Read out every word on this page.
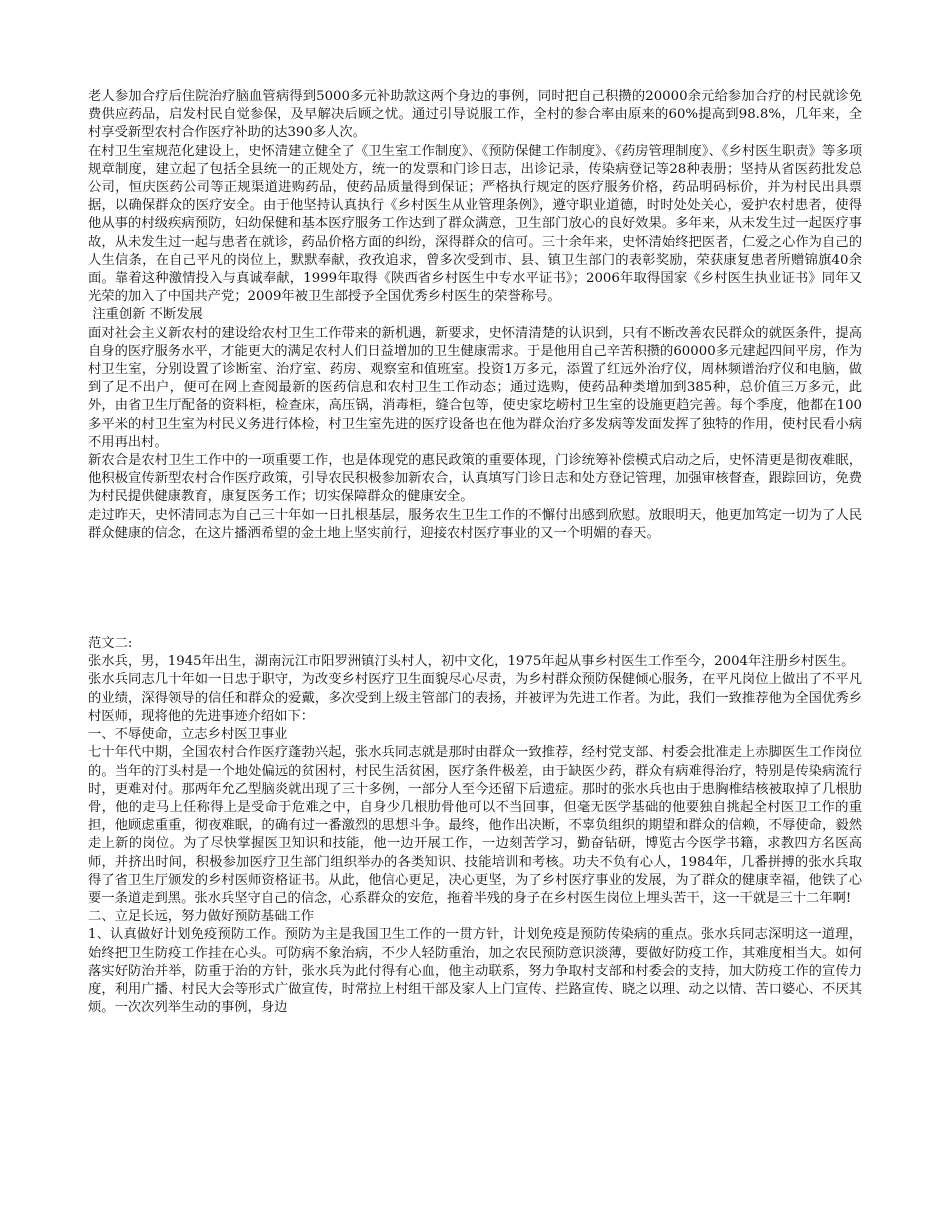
老人参加合疗后住院治疗脑血管病得到5000多元补助款这两个身边的事例，同时把自己积攒的20000余元给参加合疗的村民就诊免费供应药品，启发村民自觉参保，及早解决后顾之忧。通过引导说服工作，全村的参合率由原来的60%提高到98.8%，几年来，全村享受新型农村合作医疗补助的达390多人次。

在村卫生室规范化建设上，史怀清建立健全了《卫生室工作制度》、《预防保健工作制度》、《药房管理制度》、《乡村医生职责》等多项规章制度，建立起了包括全县统一的正规处方，统一的发票和门诊日志，出诊记录，传染病登记等28种表册；坚持从省医药批发总公司，恒庆医药公司等正规渠道进购药品，使药品质量得到保证；严格执行规定的医疗服务价格，药品明码标价，并为村民出具票据，以确保群众的医疗安全。由于他坚持认真执行《乡村医生从业管理条例》，遵守职业道德，时时处处关心，爱护农村患者，使得他从事的村级疾病预防，妇幼保健和基本医疗服务工作达到了群众满意，卫生部门放心的良好效果。多年来，从未发生过一起医疗事故，从未发生过一起与患者在就诊，药品价格方面的纠纷，深得群众的信可。三十余年来，史怀清始终把医者，仁爱之心作为自己的人生信条，在自己平凡的岗位上，默默奉献，孜孜追求，曾多次受到市、县、镇卫生部门的表彰奖励，荣获康复患者所赠锦旗40余面。靠着这种激情投入与真诚奉献，1999年取得《陕西省乡村医生中专水平证书》；2006年取得国家《乡村医生执业证书》同年又光荣的加入了中国共产党；2009年被卫生部授予全国优秀乡村医生的荣誉称号。

注重创新 不断发展

面对社会主义新农村的建设给农村卫生工作带来的新机遇，新要求，史怀清清楚的认识到，只有不断改善农民群众的就医条件，提高自身的医疗服务水平，才能更大的满足农村人们日益增加的卫生健康需求。于是他用自己辛苦积攒的60000多元建起四间平房，作为村卫生室，分别设置了诊断室、治疗室、药房、观察室和值班室。投资1万多元，添置了红远外治疗仪，周林频谱治疗仪和电脑，做到了足不出户，便可在网上查阅最新的医药信息和农村卫生工作动态；通过选购，使药品种类增加到385种，总价值三万多元，此外，由省卫生厅配备的资料柜，检查床，高压锅，消毒柜，缝合包等，使史家圪崂村卫生室的设施更趋完善。每个季度，他都在100多平米的村卫生室为村民义务进行体检，村卫生室先进的医疗设备也在他为群众治疗多发病等发面发挥了独特的作用，使村民看小病不用再出村。

新农合是农村卫生工作中的一项重要工作，也是体现党的惠民政策的重要体现，门诊统筹补偿模式启动之后，史怀清更是彻夜难眠，他积极宣传新型农村合作医疗政策，引导农民积极参加新农合，认真填写门诊日志和处方登记管理，加强审核督查，跟踪回访，免费为村民提供健康教育，康复医务工作；切实保障群众的健康安全。

走过昨天，史怀清同志为自己三十年如一日扎根基层，服务农生卫生工作的不懈付出感到欣慰。放眼明天，他更加笃定一切为了人民群众健康的信念，在这片播洒希望的金土地上坚实前行，迎接农村医疗事业的又一个明媚的春天。

范文二:

张水兵，男，1945年出生，湖南沅江市阳罗洲镇汀头村人，初中文化，1975年起从事乡村医生工作至今，2004年注册乡村医生。

张水兵同志几十年如一日忠于职守，为改变乡村医疗卫生面貌尽心尽责，为乡村群众预防保健倾心服务，在平凡岗位上做出了不平凡的业绩，深得领导的信任和群众的爱戴，多次受到上级主管部门的表扬，并被评为先进工作者。为此，我们一致推荐他为全国优秀乡村医师，现将他的先进事迹介绍如下：

一、不辱使命，立志乡村医卫事业

七十年代中期，全国农村合作医疗蓬勃兴起，张水兵同志就是那时由群众一致推荐，经村党支部、村委会批准走上赤脚医生工作岗位的。当年的汀头村是一个地处偏远的贫困村，村民生活贫困，医疗条件极差，由于缺医少药，群众有病难得治疗，特别是传染病流行时，更难对付。那两年允乙型脑炎就出现了三十多例，一部分人至今还留下后遗症。那时的张水兵也由于患胸椎结核被取掉了几根肋骨，他的走马上任称得上是受命于危难之中，自身少几根肋骨他可以不当回事，但毫无医学基础的他要独自挑起全村医卫工作的重担，他顾虑重重，彻夜难眠，的确有过一番激烈的思想斗争。最终，他作出决断，不辜负组织的期望和群众的信赖，不辱使命，毅然走上新的岗位。为了尽快掌握医卫知识和技能，他一边开展工作，一边刻苦学习，勤奋钻研，博览古今医学书籍，求教四方名医高师，并挤出时间，积极参加医疗卫生部门组织举办的各类知识、技能培训和考核。功夫不负有心人，1984年，几番拼搏的张水兵取得了省卫生厅颁发的乡村医师资格证书。从此，他信心更足，决心更坚，为了乡村医疗事业的发展，为了群众的健康幸福，他铁了心要一条道走到黑。张水兵坚守自己的信念，心系群众的安危，拖着半残的身子在乡村医生岗位上埋头苦干，这一干就是三十二年啊!

二、立足长远，努力做好预防基础工作

1、认真做好计划免疫预防工作。预防为主是我国卫生工作的一贯方针，计划免疫是预防传染病的重点。张水兵同志深明这一道理，始终把卫生防疫工作挂在心头。可防病不象治病，不少人轻防重治，加之农民预防意识淡薄，要做好防疫工作，其难度相当大。如何落实好防治并举，防重于治的方针，张水兵为此付得有心血，他主动联系，努力争取村支部和村委会的支持，加大防疫工作的宣传力度，利用广播、村民大会等形式广做宣传，时常拉上村组干部及家人上门宣传、拦路宣传、晓之以理、动之以情、苦口婆心、不厌其烦。一次次列举生动的事例，身边
